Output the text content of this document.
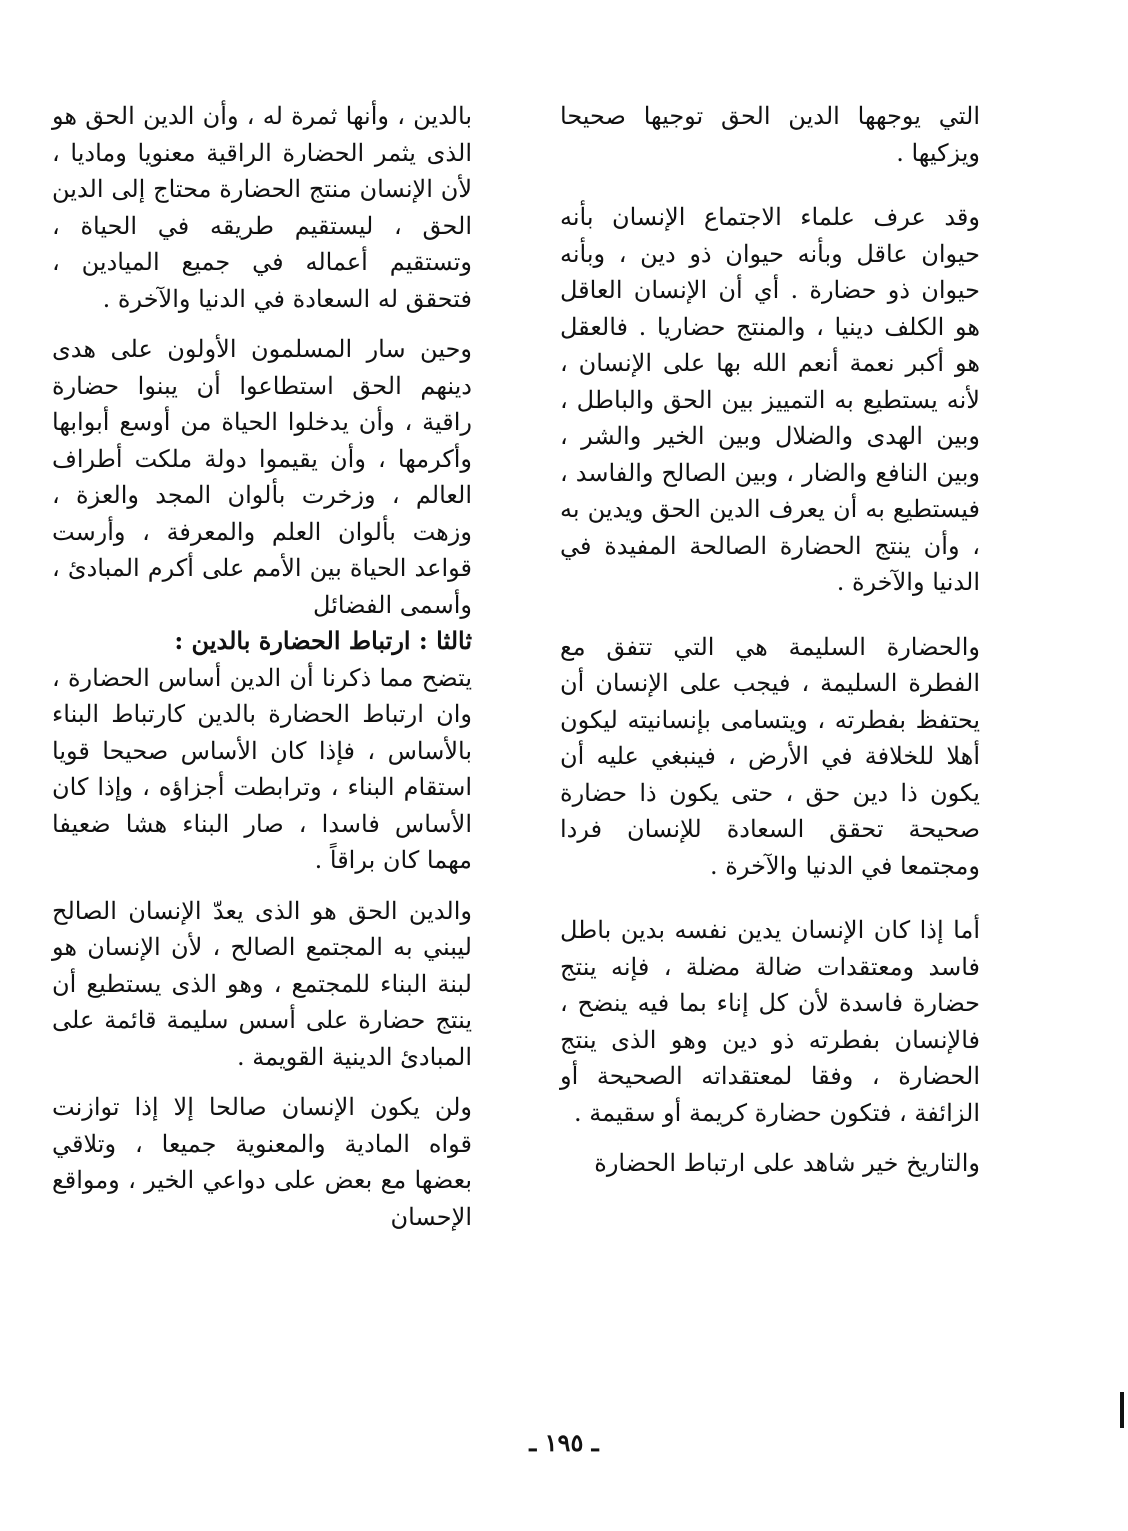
التي يوجهها الدين الحق توجيها صحيحا ويزكيها .

وقد عرف علماء الاجتماع الإنسان بأنه حيوان عاقل وبأنه حيوان ذو دين ، وبأنه حيوان ذو حضارة . أي أن الإنسان العاقل هو الكلف دينيا ، والمنتج حضاريا . فالعقل هو أكبر نعمة أنعم الله بها على الإنسان ، لأنه يستطيع به التمييز بين الحق والباطل ، وبين الهدى والضلال وبين الخير والشر ، وبين النافع والضار ، وبين الصالح والفاسد ، فيستطيع به أن يعرف الدين الحق ويدين به ، وأن ينتج الحضارة الصالحة المفيدة في الدنيا والآخرة .

والحضارة السليمة هي التي تتفق مع الفطرة السليمة ، فيجب على الإنسان أن يحتفظ بفطرته ، ويتسامى بإنسانيته ليكون أهلا للخلافة في الأرض ، فينبغي عليه أن يكون ذا دين حق ، حتى يكون ذا حضارة صحيحة تحقق السعادة للإنسان فردا ومجتمعا في الدنيا والآخرة .

أما إذا كان الإنسان يدين نفسه بدين باطل فاسد ومعتقدات ضالة مضلة ، فإنه ينتج حضارة فاسدة لأن كل إناء بما فيه ينضح ، فالإنسان بفطرته ذو دين وهو الذى ينتج الحضارة ، وفقا لمعتقداته الصحيحة أو الزائفة ، فتكون حضارة كريمة أو سقيمة .

والتاريخ خير شاهد على ارتباط الحضارة

بالدين ، وأنها ثمرة له ، وأن الدين الحق هو الذى يثمر الحضارة الراقية معنويا وماديا ، لأن الإنسان منتج الحضارة محتاج إلى الدين الحق ، ليستقيم طريقه في الحياة ، وتستقيم أعماله في جميع الميادين ، فتحقق له السعادة في الدنيا والآخرة .

وحين سار المسلمون الأولون على هدى دينهم الحق استطاعوا أن يبنوا حضارة راقية ، وأن يدخلوا الحياة من أوسع أبوابها وأكرمها ، وأن يقيموا دولة ملكت أطراف العالم ، وزخرت بألوان المجد والعزة ، وزهت بألوان العلم والمعرفة ، وأرست قواعد الحياة بين الأمم على أكرم المبادئ ، وأسمى الفضائل

ثالثا : ارتباط الحضارة بالدين :

يتضح مما ذكرنا أن الدين أساس الحضارة ، وان ارتباط الحضارة بالدين كارتباط البناء بالأساس ، فإذا كان الأساس صحيحا قويا استقام البناء ، وترابطت أجزاؤه ، وإذا كان الأساس فاسدا ، صار البناء هشا ضعيفا مهما كان براقاً .

والدين الحق هو الذى يعدّ الإنسان الصالح ليبني به المجتمع الصالح ، لأن الإنسان هو لبنة البناء للمجتمع ، وهو الذى يستطيع أن ينتج حضارة على أسس سليمة قائمة على المبادئ الدينية القويمة .

ولن يكون الإنسان صالحا إلا إذا توازنت قواه المادية والمعنوية جميعا ، وتلاقي بعضها مع بعض على دواعي الخير ، ومواقع الإحسان

ـ ١٩٥ ـ
